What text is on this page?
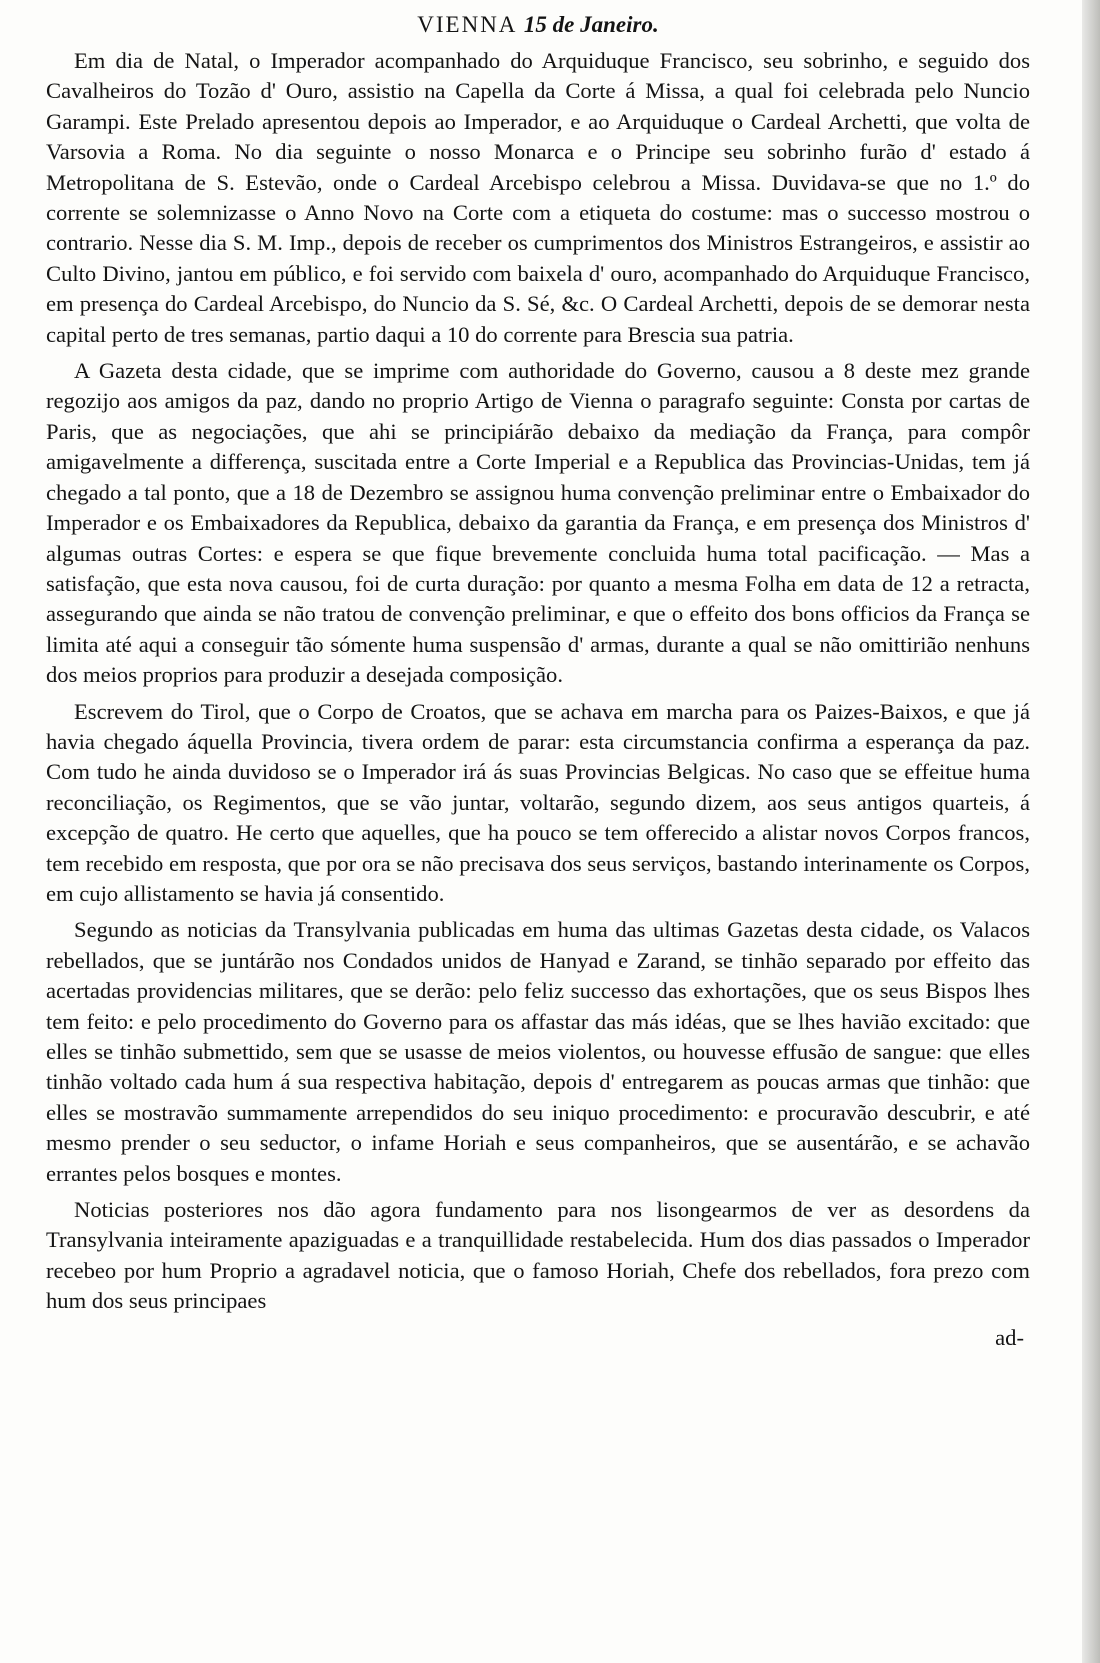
VIENNA 15 de Janeiro.

Em dia de Natal, o Imperador acompanhado do Arquiduque Francisco, seu sobrinho, e seguido dos Cavalheiros do Tozão d' Ouro, assistio na Capella da Corte á Missa, a qual foi celebrada pelo Nuncio Garampi. Este Prelado apresentou depois ao Imperador, e ao Arquiduque o Cardeal Archetti, que volta de Varsovia a Roma. No dia seguinte o nosso Monarca e o Principe seu sobrinho furão d' estado á Metropolitana de S. Estevão, onde o Cardeal Arcebispo celebrou a Missa. Duvidava-se que no 1.º do corrente se solemnizasse o Anno Novo na Corte com a etiqueta do costume: mas o successo mostrou o contrario. Nesse dia S. M. Imp., depois de receber os cumprimentos dos Ministros Estrangeiros, e assistir ao Culto Divino, jantou em público, e foi servido com baixela d' ouro, acompanhado do Arquiduque Francisco, em presença do Cardeal Arcebispo, do Nuncio da S. Sé, &c. O Cardeal Archetti, depois de se demorar nesta capital perto de tres semanas, partio daqui a 10 do corrente para Brescia sua patria.

A Gazeta desta cidade, que se imprime com authoridade do Governo, causou a 8 deste mez grande regozijo aos amigos da paz, dando no proprio Artigo de Vienna o paragrafo seguinte: Consta por cartas de Paris, que as negociações, que ahi se principiárão debaixo da mediação da França, para compôr amigavelmente a differença, suscitada entre a Corte Imperial e a Republica das Provincias-Unidas, tem já chegado a tal ponto, que a 18 de Dezembro se assignou huma convenção preliminar entre o Embaixador do Imperador e os Embaixadores da Republica, debaixo da garantia da França, e em presença dos Ministros d' algumas outras Cortes: e espera se que fique brevemente concluida huma total pacificação. — Mas a satisfação, que esta nova causou, foi de curta duração: por quanto a mesma Folha em data de 12 a retracta, assegurando que ainda se não tratou de convenção preliminar, e que o effeito dos bons officios da França se limita até aqui a conseguir tão sómente huma suspensão d' armas, durante a qual se não omittirião nenhuns dos meios proprios para produzir a desejada composição.

Escrevem do Tirol, que o Corpo de Croatos, que se achava em marcha para os Paizes-Baixos, e que já havia chegado áquella Provincia, tivera ordem de parar: esta circumstancia confirma a esperança da paz. Com tudo he ainda duvidoso se o Imperador irá ás suas Provincias Belgicas. No caso que se effeitue huma reconciliação, os Regimentos, que se vão juntar, voltarão, segundo dizem, aos seus antigos quarteis, á excepção de quatro. He certo que aquelles, que ha pouco se tem offerecido a alistar novos Corpos francos, tem recebido em resposta, que por ora se não precisava dos seus serviços, bastando interinamente os Corpos, em cujo allistamento se havia já consentido.

Segundo as noticias da Transylvania publicadas em huma das ultimas Gazetas desta cidade, os Valacos rebellados, que se juntárão nos Condados unidos de Hanyad e Zarand, se tinhão separado por effeito das acertadas providencias militares, que se derão: pelo feliz successo das exhortações, que os seus Bispos lhes tem feito: e pelo procedimento do Governo para os affastar das más idéas, que se lhes havião excitado: que elles se tinhão submettido, sem que se usasse de meios violentos, ou houvesse effusão de sangue: que elles tinhão voltado cada hum á sua respectiva habitação, depois d' entregarem as poucas armas que tinhão: que elles se mostravão summamente arrependidos do seu iniquo procedimento: e procuravão descubrir, e até mesmo prender o seu seductor, o infame Horiah e seus companheiros, que se ausentárão, e se achavão errantes pelos bosques e montes.

Noticias posteriores nos dão agora fundamento para nos lisongearmos de ver as desordens da Transylvania inteiramente apaziguadas e a tranquillidade restabelecida. Hum dos dias passados o Imperador recebeo por hum Proprio a agradavel noticia, que o famoso Horiah, Chefe dos rebellados, fora prezo com hum dos seus principaes

ad-
